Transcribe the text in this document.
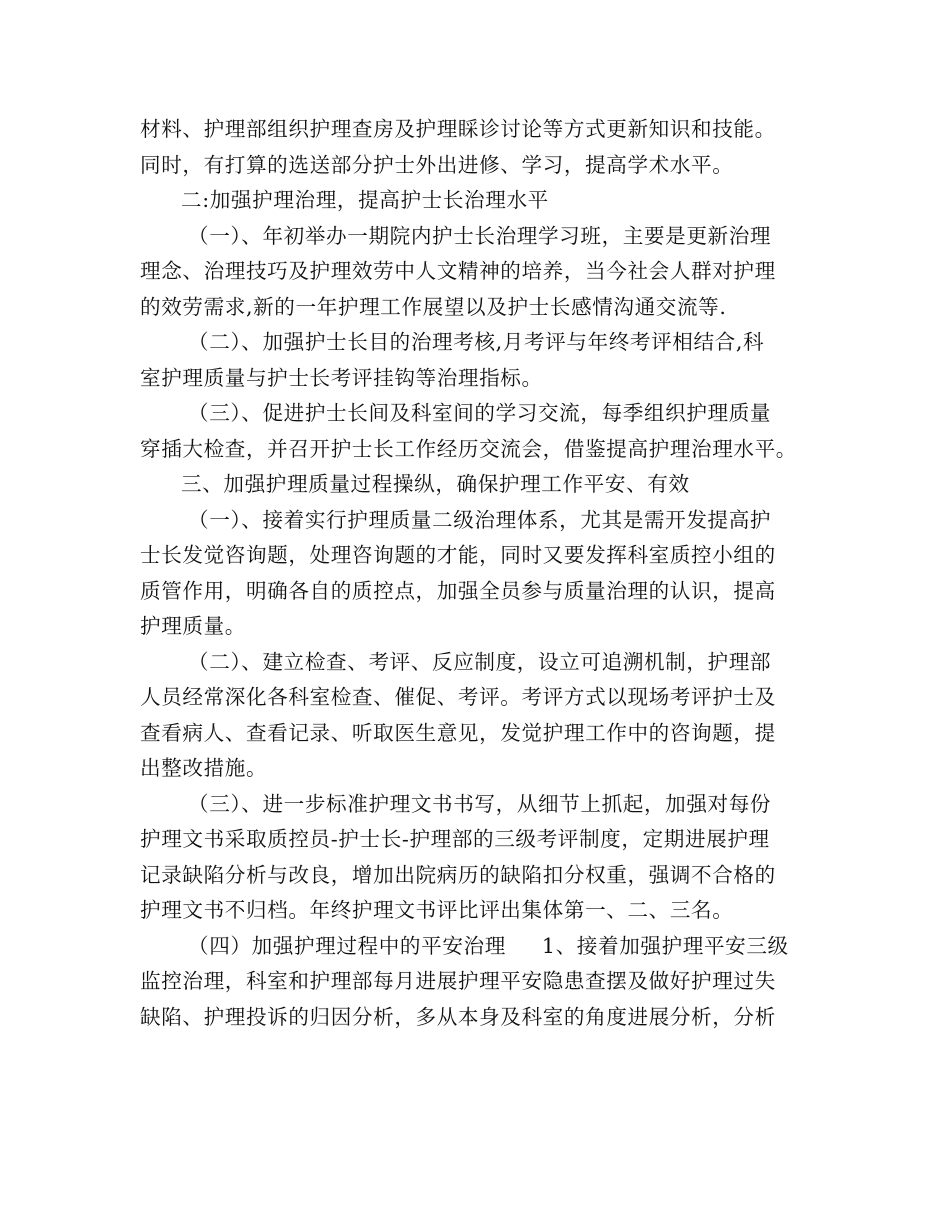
材料、护理部组织护理查房及护理睬诊讨论等方式更新知识和技能。
同时，有打算的选送部分护士外出进修、学习，提高学术水平。
二:加强护理治理，提高护士长治理水平
（一）、年初举办一期院内护士长治理学习班，主要是更新治理
理念、治理技巧及护理效劳中人文精神的培养，当今社会人群对护理
的效劳需求,新的一年护理工作展望以及护士长感情沟通交流等.
（二）、加强护士长目的治理考核,月考评与年终考评相结合,科
室护理质量与护士长考评挂钩等治理指标。
（三）、促进护士长间及科室间的学习交流，每季组织护理质量
穿插大检查，并召开护士长工作经历交流会，借鉴提高护理治理水平。
三、加强护理质量过程操纵，确保护理工作平安、有效
（一）、接着实行护理质量二级治理体系，尤其是需开发提高护
士长发觉咨询题，处理咨询题的才能，同时又要发挥科室质控小组的
质管作用，明确各自的质控点，加强全员参与质量治理的认识，提高
护理质量。
（二）、建立检查、考评、反应制度，设立可追溯机制，护理部
人员经常深化各科室检查、催促、考评。考评方式以现场考评护士及
查看病人、查看记录、听取医生意见，发觉护理工作中的咨询题，提
出整改措施。
（三）、进一步标准护理文书书写，从细节上抓起，加强对每份
护理文书采取质控员-护士长-护理部的三级考评制度，定期进展护理
记录缺陷分析与改良，增加出院病历的缺陷扣分权重，强调不合格的
护理文书不归档。年终护理文书评比评出集体第一、二、三名。
（四）加强护理过程中的平安治理 1、接着加强护理平安三级
监控治理，科室和护理部每月进展护理平安隐患查摆及做好护理过失
缺陷、护理投诉的归因分析，多从本身及科室的角度进展分析，分析
